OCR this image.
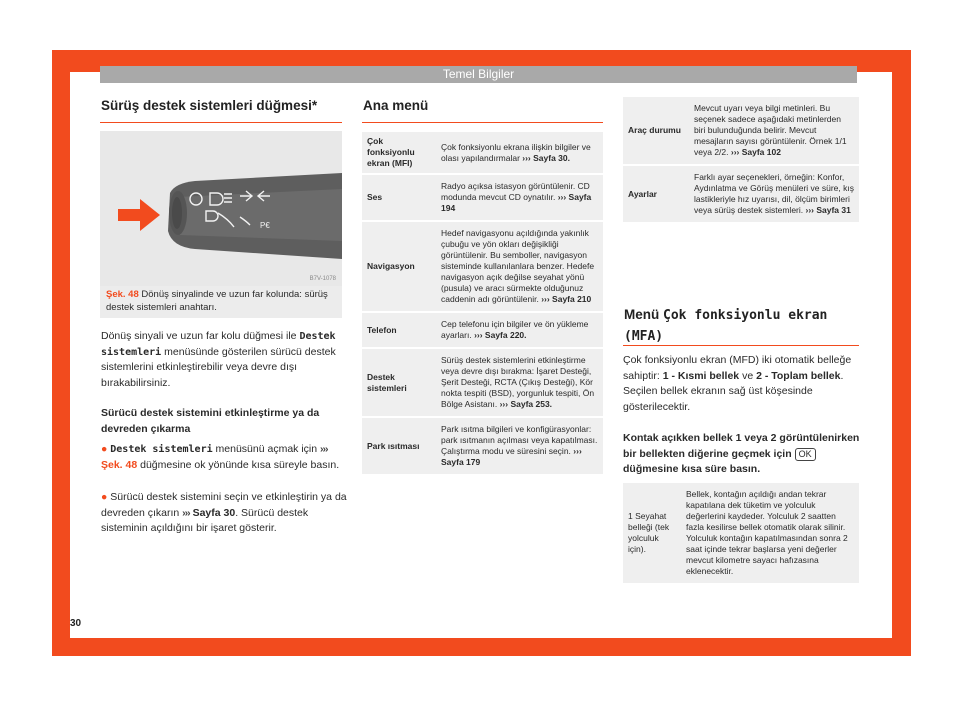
Temel Bilgiler
Sürüş destek sistemleri düğmesi*
P€
B7V-1078
Şek. 48 Dönüş sinyalinde ve uzun far kolunda: sürüş destek sistemleri anahtarı.
Dönüş sinyali ve uzun far kolu düğmesi ile Destek sistemleri menüsünde gösterilen sürücü destek sistemlerini etkinleştirebilir veya devre dışı bırakabilirsiniz.
Sürücü destek sistemini etkinleştirme ya da devreden çıkarma
● Destek sistemleri menüsünü açmak için ››› Şek. 48 düğmesine ok yönünde kısa süreyle basın.
● Sürücü destek sistemini seçin ve etkinleştirin ya da devreden çıkarın ››› Sayfa 30. Sürücü destek sisteminin açıldığını bir işaret gösterir.
30
Ana menü
Çok fonksiyonlu ekran (MFI)	Çok fonksiyonlu ekrana ilişkin bilgiler ve olası yapılandırmalar ››› Sayfa 30.

Ses	Radyo açıksa istasyon görüntülenir. CD modunda mevcut CD oynatılır. ››› Sayfa 194

Navigasyon	Hedef navigasyonu açıldığında yakınlık çubuğu ve yön okları değişikliği görüntülenir. Bu semboller, navigasyon sisteminde kullanılanlara benzer. Hedefe navigasyon açık değilse seyahat yönü (pusula) ve aracı sürmekte olduğunuz caddenin adı görüntülenir. ››› Sayfa 210

Telefon	Cep telefonu için bilgiler ve ön yükleme ayarları. ››› Sayfa 220.

Destek sistemleri	Sürüş destek sistemlerini etkinleştirme veya devre dışı bırakma: İşaret Desteği, Şerit Desteği, RCTA (Çıkış Desteği), Kör nokta tespiti (BSD), yorgunluk tespiti, Ön Bölge Asistanı. ››› Sayfa 253.

Park ısıtması	Park ısıtma bilgileri ve konfigürasyonlar: park ısıtmanın açılması veya kapatılması. Çalıştırma modu ve süresini seçin. ››› Sayfa 179
Araç durumu	Mevcut uyarı veya bilgi metinleri. Bu seçenek sadece aşağıdaki metinlerden biri bulunduğunda belirir. Mevcut mesajların sayısı görüntülenir. Örnek 1/1 veya 2/2. ››› Sayfa 102

Ayarlar	Farklı ayar seçenekleri, örneğin: Konfor, Aydınlatma ve Görüş menüleri ve süre, kış lastikleriyle hız uyarısı, dil, ölçüm birimleri veya sürüş destek sistemleri. ››› Sayfa 31
Menü Çok fonksiyonlu ekran (MFA)
Çok fonksiyonlu ekran (MFD) iki otomatik belleğe sahiptir: 1 - Kısmi bellek ve 2 - Toplam bellek. Seçilen bellek ekranın sağ üst köşesinde gösterilecektir.
Kontak açıkken bellek 1 veya 2 görüntülenirken bir bellekten diğerine geçmek için OK düğmesine kısa süre basın.
1 Seyahat belleği (tek yolculuk için).	Bellek, kontağın açıldığı andan tekrar kapatılana dek tüketim ve yolculuk değerlerini kaydeder. Yolculuk 2 saatten fazla kesilirse bellek otomatik olarak silinir. Yolculuk kontağın kapatılmasından sonra 2 saat içinde tekrar başlarsa yeni değerler mevcut kilometre sayacı hafızasına eklenecektir.
